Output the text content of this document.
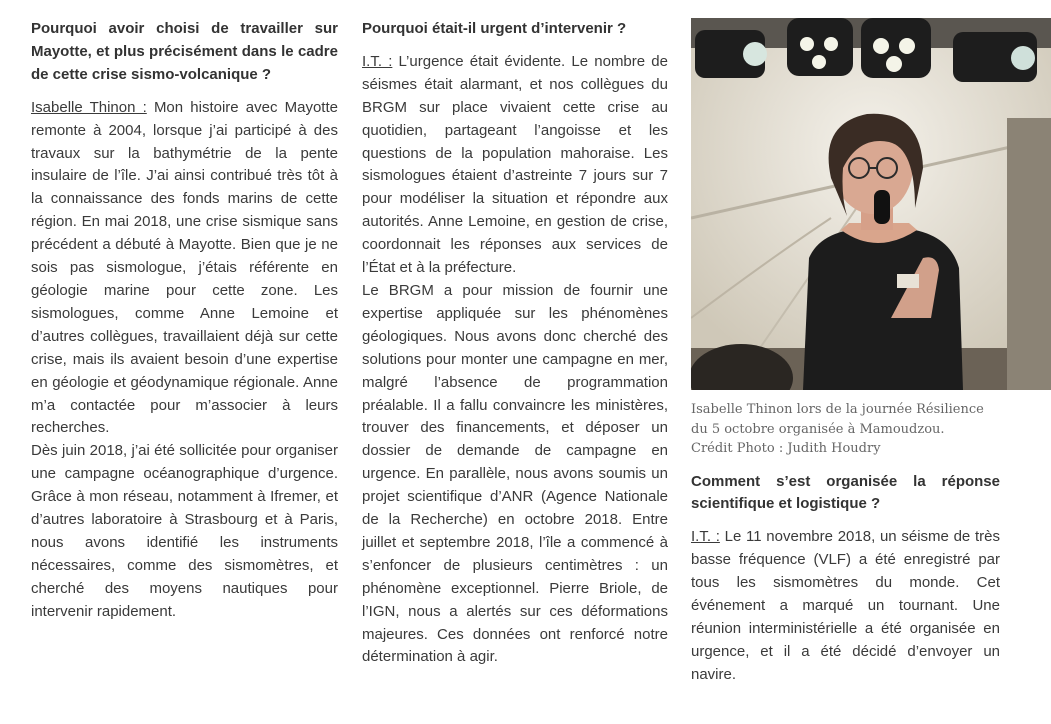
Pourquoi avoir choisi de travailler sur Mayotte, et plus précisément dans le cadre de cette crise sismo-volcanique ?

Isabelle Thinon : Mon histoire avec Mayotte remonte à 2004, lorsque j’ai participé à des travaux sur la bathymétrie de la pente insulaire de l’île. J’ai ainsi contribué très tôt à la connaissance des fonds marins de cette région. En mai 2018, une crise sismique sans précédent a débuté à Mayotte. Bien que je ne sois pas sismologue, j’étais référente en géologie marine pour cette zone. Les sismologues, comme Anne Lemoine et d’autres collègues, travaillaient déjà sur cette crise, mais ils avaient besoin d’une expertise en géologie et géodynamique régionale. Anne m’a contactée pour m’associer à leurs recherches.

Dès juin 2018, j’ai été sollicitée pour organiser une campagne océanographique d’urgence. Grâce à mon réseau, notamment à Ifremer, et d’autres laboratoire à Strasbourg et à Paris, nous avons identifié les instruments nécessaires, comme des sismomètres, et cherché des moyens nautiques pour intervenir rapidement.

Pourquoi était-il urgent d’intervenir ?

I.T. : L’urgence était évidente. Le nombre de séismes était alarmant, et nos collègues du BRGM sur place vivaient cette crise au quotidien, partageant l’angoisse et les questions de la population mahoraise. Les sismologues étaient d’astreinte 7 jours sur 7 pour modéliser la situation et répondre aux autorités. Anne Lemoine, en gestion de crise, coordonnait les réponses aux services de l’État et à la préfecture.

Le BRGM a pour mission de fournir une expertise appliquée sur les phénomènes géologiques. Nous avons donc cherché des solutions pour monter une campagne en mer, malgré l’absence de programmation préalable. Il a fallu convaincre les ministères, trouver des financements, et déposer un dossier de demande de campagne en urgence. En parallèle, nous avons soumis un projet scientifique d’ANR (Agence Nationale de la Recherche) en octobre 2018. Entre juillet et septembre 2018, l’île a commencé à s’enfoncer de plusieurs centimètres : un phénomène exceptionnel. Pierre Briole, de l’IGN, nous a alertés sur ces déformations majeures. Ces données ont renforcé notre détermination à agir.

Isabelle Thinon lors de la journée Résilience
du 5 octobre organisée à Mamoudzou.
Crédit Photo : Judith Houdry
Comment s’est organisée la réponse scientifique et logistique ?

I.T. : Le 11 novembre 2018, un séisme de très basse fréquence (VLF) a été enregistré par tous les sismomètres du monde. Cet événement a marqué un tournant. Une réunion interministérielle a été organisée en urgence, et il a été décidé d’envoyer un navire.
